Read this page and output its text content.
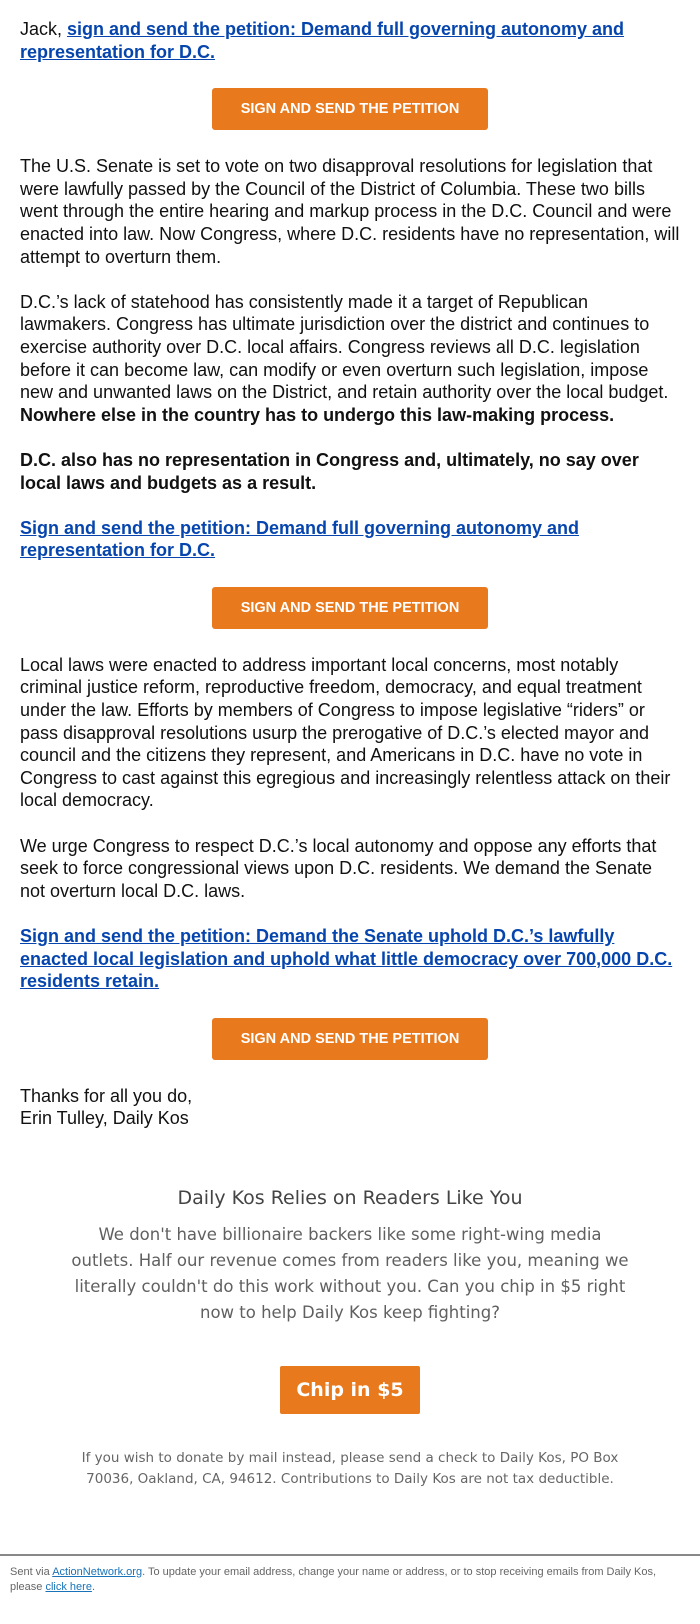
Jack, sign and send the petition: Demand full governing autonomy and representation for D.C.

SIGN AND SEND THE PETITION

The U.S. Senate is set to vote on two disapproval resolutions for legislation that were lawfully passed by the Council of the District of Columbia. These two bills went through the entire hearing and markup process in the D.C. Council and were enacted into law. Now Congress, where D.C. residents have no representation, will attempt to overturn them.

D.C.’s lack of statehood has consistently made it a target of Republican lawmakers. Congress has ultimate jurisdiction over the district and continues to exercise authority over D.C. local affairs. Congress reviews all D.C. legislation before it can become law, can modify or even overturn such legislation, impose new and unwanted laws on the District, and retain authority over the local budget.

Nowhere else in the country has to undergo this law-making process.

D.C. also has no representation in Congress and, ultimately, no say over local laws and budgets as a result.

Sign and send the petition: Demand full governing autonomy and representation for D.C.

SIGN AND SEND THE PETITION

Local laws were enacted to address important local concerns, most notably criminal justice reform, reproductive freedom, democracy, and equal treatment under the law. Efforts by members of Congress to impose legislative “riders” or pass disapproval resolutions usurp the prerogative of D.C.’s elected mayor and council and the citizens they represent, and Americans in D.C. have no vote in Congress to cast against this egregious and increasingly relentless attack on their local democracy.

We urge Congress to respect D.C.’s local autonomy and oppose any efforts that seek to force congressional views upon D.C. residents. We demand the Senate not overturn local D.C. laws.

Sign and send the petition: Demand the Senate uphold D.C.’s lawfully enacted local legislation and uphold what little democracy over 700,000 D.C. residents retain.

SIGN AND SEND THE PETITION

Thanks for all you do,

Erin Tulley, Daily Kos

Daily Kos Relies on Readers Like You
We don't have billionaire backers like some right-wing media outlets. Half our revenue comes from readers like you, meaning we literally couldn't do this work without you. Can you chip in $5 right now to help Daily Kos keep fighting?
Chip in $5
If you wish to donate by mail instead, please send a check to Daily Kos, PO Box 70036, Oakland, CA, 94612. Contributions to Daily Kos are not tax deductible.
Sent via ActionNetwork.org. To update your email address, change your name or address, or to stop receiving emails from Daily Kos, please click here.
